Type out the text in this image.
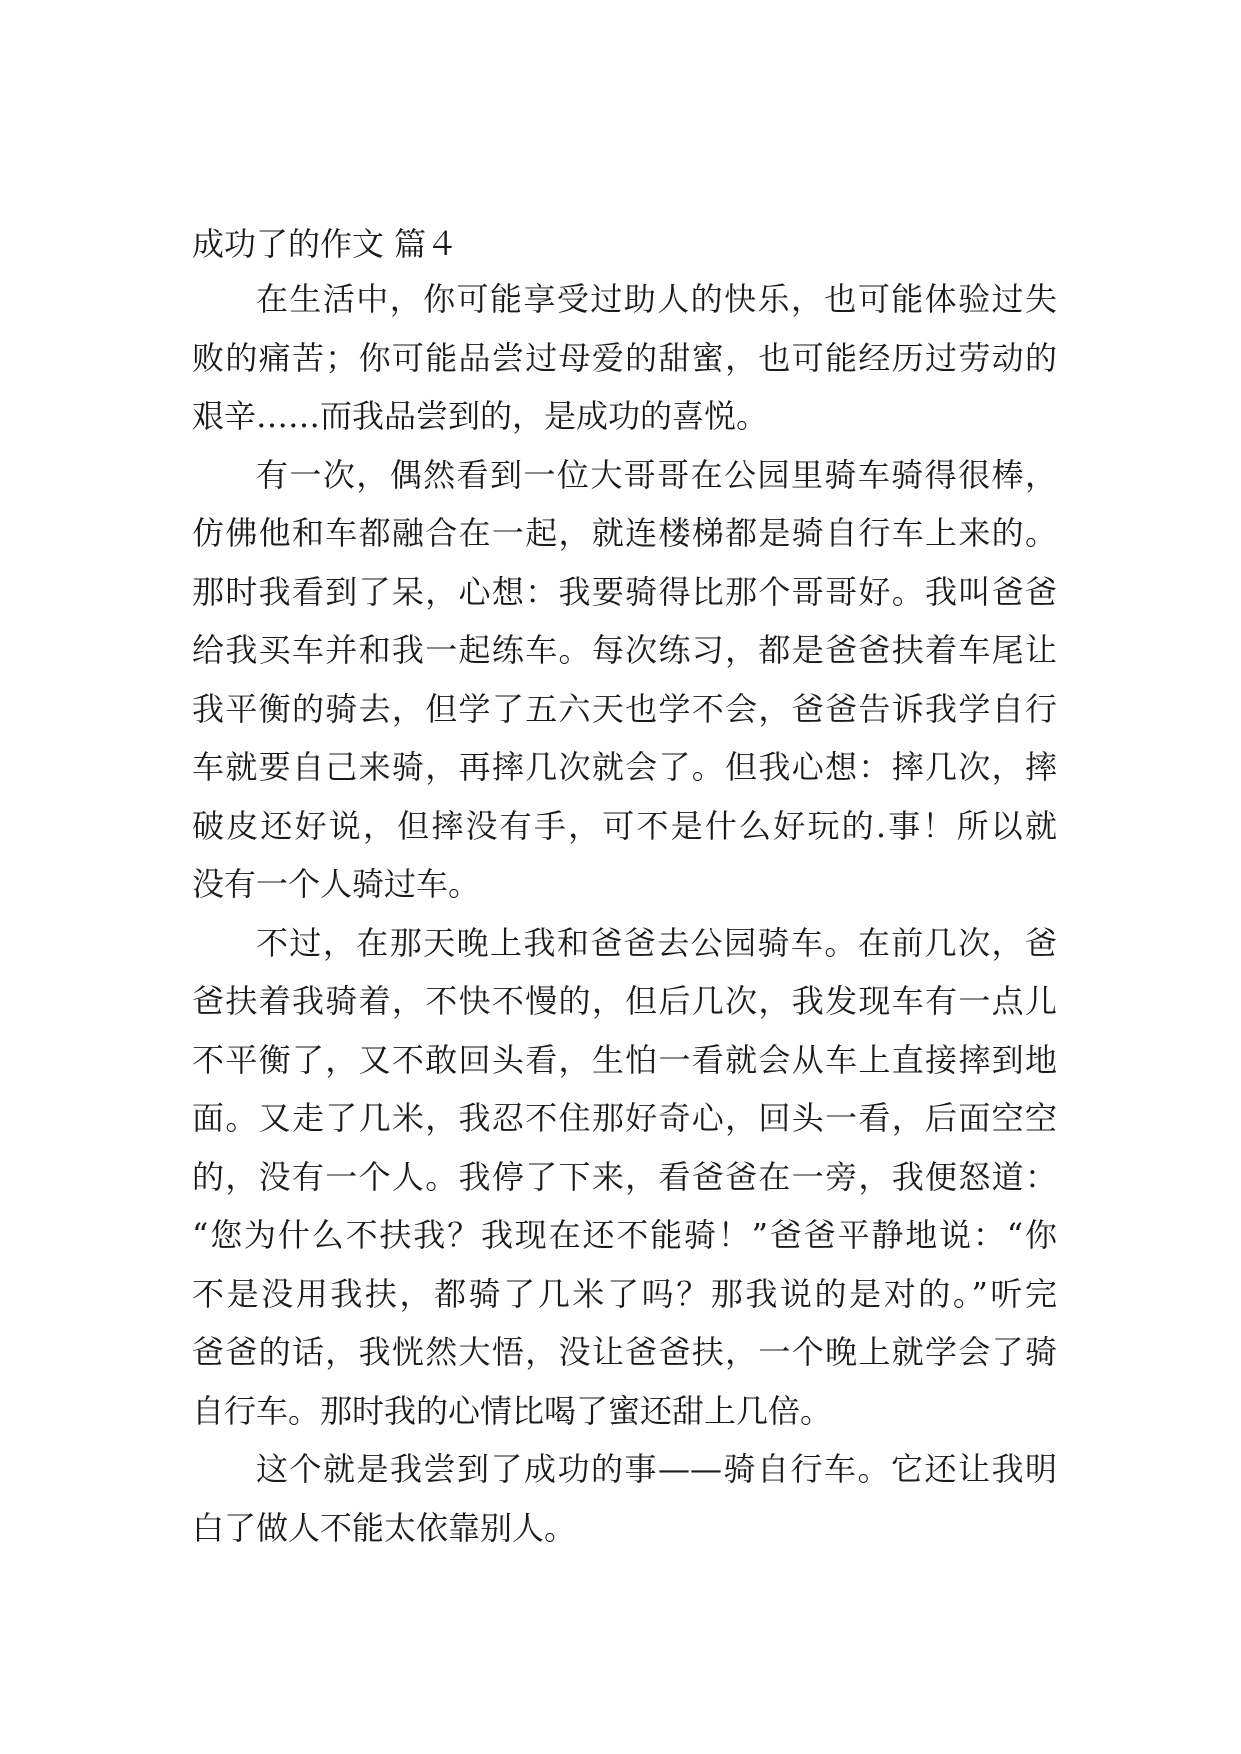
成功了的作文 篇４
在生活中，你可能享受过助人的快乐，也可能体验过失
败的痛苦；你可能品尝过母爱的甜蜜，也可能经历过劳动的
艰辛……而我品尝到的，是成功的喜悦。
有一次，偶然看到一位大哥哥在公园里骑车骑得很棒，
仿佛他和车都融合在一起，就连楼梯都是骑自行车上来的。
那时我看到了呆，心想：我要骑得比那个哥哥好。我叫爸爸
给我买车并和我一起练车。每次练习，都是爸爸扶着车尾让
我平衡的骑去，但学了五六天也学不会，爸爸告诉我学自行
车就要自己来骑，再摔几次就会了。但我心想：摔几次，摔
破皮还好说，但摔没有手，可不是什么好玩的.事！所以就
没有一个人骑过车。
不过，在那天晚上我和爸爸去公园骑车。在前几次，爸
爸扶着我骑着，不快不慢的，但后几次，我发现车有一点儿
不平衡了，又不敢回头看，生怕一看就会从车上直接摔到地
面。又走了几米，我忍不住那好奇心，回头一看，后面空空
的，没有一个人。我停了下来，看爸爸在一旁，我便怒道：
“您为什么不扶我？我现在还不能骑！”爸爸平静地说：“你
不是没用我扶，都骑了几米了吗？那我说的是对的。”听完
爸爸的话，我恍然大悟，没让爸爸扶，一个晚上就学会了骑
自行车。那时我的心情比喝了蜜还甜上几倍。
这个就是我尝到了成功的事——骑自行车。它还让我明
白了做人不能太依靠别人。
